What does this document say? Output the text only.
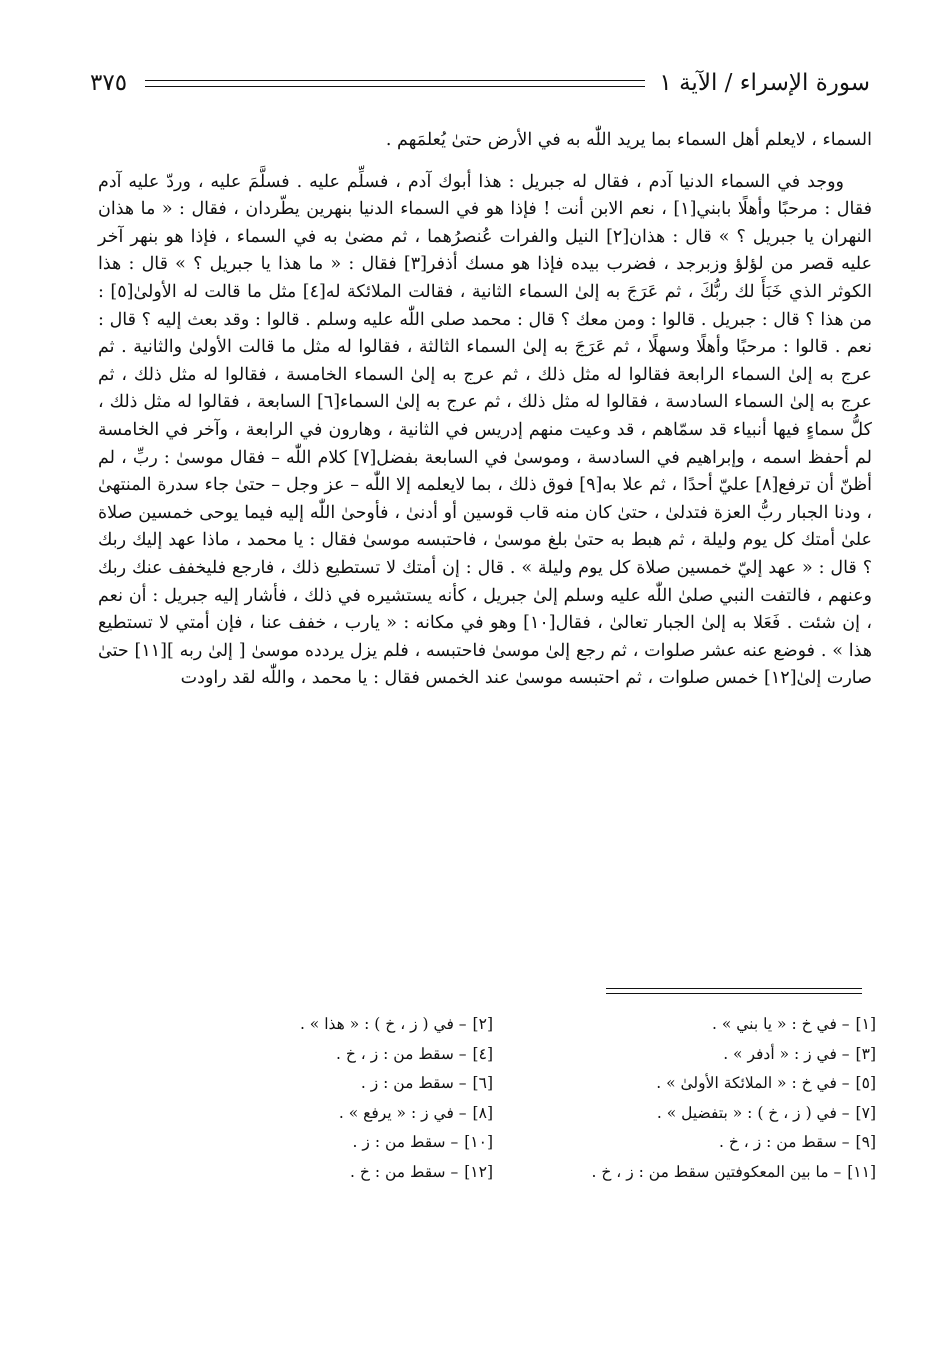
سورة الإسراء / الآية ١
٣٧٥

السماء ، لايعلم أهل السماء بما يريد اللّٰه به في الأرض حتىٰ يُعلمَهم .

ووجد في السماء الدنيا آدم ، فقال له جبريل : هذا أبوك آدم ، فسلِّم عليه . فسلَّمَ عليه ، وردّ عليه آدم فقال : مرحبًا وأهلًا بابني[١] ، نعم الابن أنت ! فإذا هو في السماء الدنيا بنهرين يطّردان ، فقال : « ما هذان النهران يا جبريل ؟ » قال : هذان[٢] النيل والفرات عُنصرُهما ، ثم مضىٰ به في السماء ، فإذا هو بنهر آخر عليه قصر من لؤلؤ وزبرجد ، فضرب بيده فإذا هو مسك أذفر[٣] فقال : « ما هذا يا جبريل ؟ » قال : هذا الكوثر الذي خَبَأَ لك ربُّكَ ، ثم عَرَجَ به إلىٰ السماء الثانية ، فقالت الملائكة له[٤] مثل ما قالت له الأولىٰ[٥] : من هذا ؟ قال : جبريل . قالوا : ومن معك ؟ قال : محمد صلى اللّٰه عليه وسلم . قالوا : وقد بعث إليه ؟ قال : نعم . قالوا : مرحبًا وأهلًا وسهلًا ، ثم عَرَجَ به إلىٰ السماء الثالثة ، فقالوا له مثل ما قالت الأولىٰ والثانية . ثم عرج به إلىٰ السماء الرابعة فقالوا له مثل ذلك ، ثم عرج به إلىٰ السماء الخامسة ، فقالوا له مثل ذلك ، ثم عرج به إلىٰ السماء السادسة ، فقالوا له مثل ذلك ، ثم عرج به إلىٰ السماء[٦] السابعة ، فقالوا له مثل ذلك ، كلُّ سماءٍ فيها أنبياء قد سمّاهم ، قد وعيت منهم إدريس في الثانية ، وهارون في الرابعة ، وآخر في الخامسة لم أحفظ اسمه ، وإبراهيم في السادسة ، وموسىٰ في السابعة بفضل[٧] كلام اللّٰه – فقال موسىٰ : ربِّ ، لم أظنّ أن ترفع[٨] عليّ أحدًا ، ثم علا به[٩] فوق ذلك ، بما لايعلمه إلا اللّٰه – عز وجل – حتىٰ جاء سدرة المنتهىٰ ، ودنا الجبار ربُّ العزة فتدلىٰ ، حتىٰ كان منه قاب قوسين أو أدنىٰ ، فأوحىٰ اللّٰه إليه فيما يوحى خمسين صلاة علىٰ أمتك كل يوم وليلة ، ثم هبط به حتىٰ بلغ موسىٰ ، فاحتبسه موسىٰ فقال : يا محمد ، ماذا عهد إليك ربك ؟ قال : « عهد إليّ خمسين صلاة كل يوم وليلة » . قال : إن أمتك لا تستطيع ذلك ، فارجع فليخفف عنك ربك وعنهم ، فالتفت النبي صلىٰ اللّٰه عليه وسلم إلىٰ جبريل ، كأنه يستشيره في ذلك ، فأشار إليه جبريل : أن نعم ، إن شئت . فَعَلا به إلىٰ الجبار تعالىٰ ، فقال[١٠] وهو في مكانه : « يارب ، خفف عنا ، فإن أمتي لا تستطيع هذا » . فوضع عنه عشر صلوات ، ثم رجع إلىٰ موسىٰ فاحتبسه ، فلم يزل يردده موسىٰ [ إلىٰ ربه ][١١] حتىٰ صارت إلىٰ[١٢] خمس صلوات ، ثم احتبسه موسىٰ عند الخمس فقال : يا محمد ، واللّٰه لقد راودت

[١]– في خ : « يا بني » .
[٢]– في ( ز ، خ ) : « هذا » .
[٣]– في ز : « أدفر » .
[٤]– سقط من : ز ، خ .
[٥]– في خ : « الملائكة الأولىٰ » .
[٦]– سقط من : ز .
[٧]– في ( ز ، خ ) : « بتفضيل » .
[٨]– في ز : « يرفع » .
[٩]– سقط من : ز ، خ .
[١٠]– سقط من : ز .
[١١]– ما بين المعكوفتين سقط من : ز ، خ .
[١٢]– سقط من : خ .
